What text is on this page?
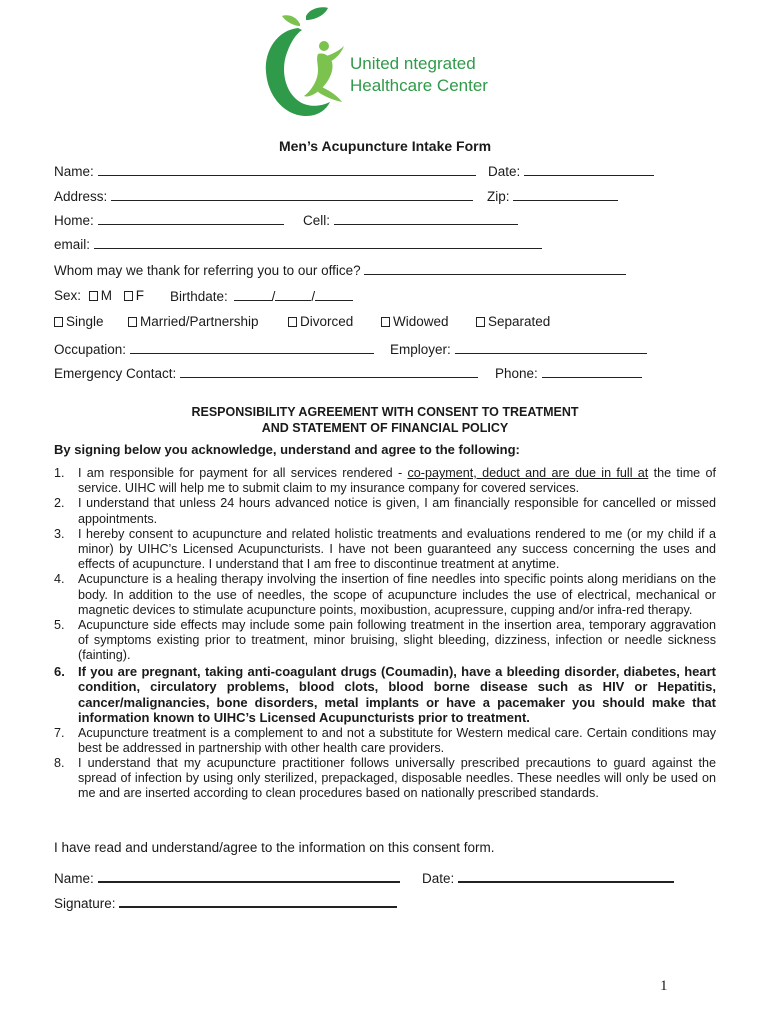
United ntegrated
Healthcare Center
Men’s Acupuncture Intake Form
Name:	Date:
Address:	Zip:
Home:	Cell:
email:
Whom may we thank for referring you to our office?
Sex: M F Birthdate:	/	/
Single	Married/Partnership	Divorced	Widowed	Separated
Occupation:	Employer:
Emergency Contact:	Phone:
RESPONSIBILITY AGREEMENT WITH CONSENT TO TREATMENT
AND STATEMENT OF FINANCIAL POLICY
By signing below you acknowledge, understand and agree to the following:
1.	I am responsible for payment for all services rendered - co-payment, deduct and are due in full at the time of service. UIHC will help me to submit claim to my insurance company for covered services.
2.	I understand that unless 24 hours advanced notice is given, I am financially responsible for cancelled or missed appointments.
3.	I hereby consent to acupuncture and related holistic treatments and evaluations rendered to me (or my child if a minor) by UIHC’s Licensed Acupuncturists. I have not been guaranteed any success concerning the uses and effects of acupuncture. I understand that I am free to discontinue treatment at anytime.
4.	Acupuncture is a healing therapy involving the insertion of fine needles into specific points along meridians on the body. In addition to the use of needles, the scope of acupuncture includes the use of electrical, mechanical or magnetic devices to stimulate acupuncture points, moxibustion, acupressure, cupping and/or infra-red therapy.
5.	Acupuncture side effects may include some pain following treatment in the insertion area, temporary aggravation of symptoms existing prior to treatment, minor bruising, slight bleeding, dizziness, infection or needle sickness (fainting).
6.	If you are pregnant, taking anti-coagulant drugs (Coumadin), have a bleeding disorder, diabetes, heart condition, circulatory problems, blood clots, blood borne disease such as HIV or Hepatitis, cancer/malignancies, bone disorders, metal implants or have a pacemaker you should make that information known to UIHC’s Licensed Acupuncturists prior to treatment.
7.	Acupuncture treatment is a complement to and not a substitute for Western medical care. Certain conditions may best be addressed in partnership with other health care providers.
8.	I understand that my acupuncture practitioner follows universally prescribed precautions to guard against the spread of infection by using only sterilized, prepackaged, disposable needles. These needles will only be used on me and are inserted according to clean procedures based on nationally prescribed standards.
I have read and understand/agree to the information on this consent form.
Name:	Date:
Signature:
1
